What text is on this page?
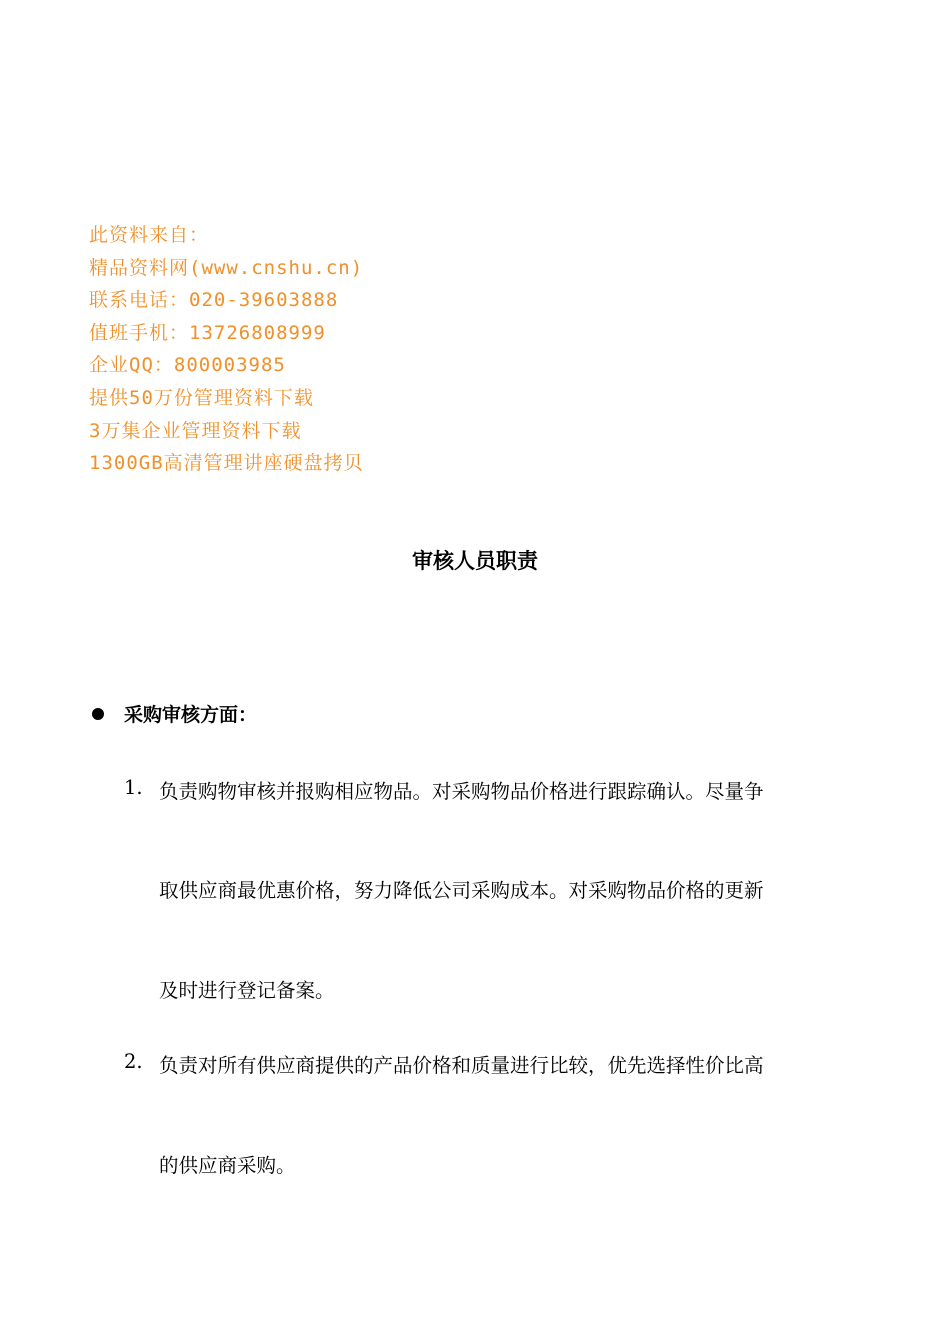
此资料来自：
精品资料网(www.cnshu.cn)
联系电话：020-39603888
值班手机：13726808999
企业QQ：800003985
提供50万份管理资料下载
3万集企业管理资料下载
1300GB高清管理讲座硬盘拷贝
审核人员职责
采购审核方面：
1. 负责购物审核并报购相应物品。对采购物品价格进行跟踪确认。尽量争
取供应商最优惠价格，努力降低公司采购成本。对采购物品价格的更新
及时进行登记备案。
2. 负责对所有供应商提供的产品价格和质量进行比较，优先选择性价比高
的供应商采购。
